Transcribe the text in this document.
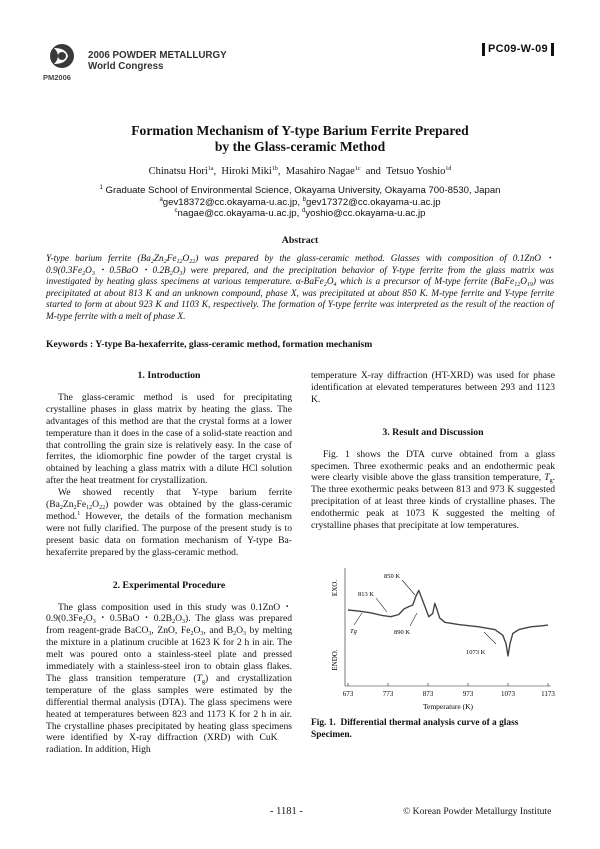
PM2006
2006 POWDER METALLURGY
World Congress
PC09-W-09
Formation Mechanism of Y-type Barium Ferrite Prepared
by the Glass-ceramic Method
Chinatsu Hori$^{1a}$,  Hiroki Miki$^{1b}$,  Masahiro Nagae$^{1c}$  and  Tetsuo Yoshio$^{1d}$
$^1$ Graduate School of Environmental Science, Okayama University, Okayama 700-8530, Japan
$^a$gev18372@cc.okayama-u.ac.jp, $^b$gev17372@cc.okayama-u.ac.jp
$^c$nagae@cc.okayama-u.ac.jp, $^d$yoshio@cc.okayama-u.ac.jp
Abstract
Y-type barium ferrite $(Ba_2Zn_2Fe_{12}O_{22})$ was prepared by the glass-ceramic method. Glasses with composition of 0.1ZnO・$0.9(0.3Fe_2O_3$・0.5BaO・$0.2B_2O_3$) were prepared, and the precipitation behavior of Y-type ferrite from the glass matrix was investigated by heating glass specimens at various temperature. $\alpha-BaFe_2O_4$ which is a precursor of M-type ferrite $(BaFe_{12}O_{19})$ was precipitated at about 813 K and an unknown compound, phase X, was precipitated at about 850 K. M-type ferrite and Y-type ferrite started to form at about 923 K and 1103 K, respectively. The formation of Y-type ferrite was interpreted as the result of the reaction of M-type ferrite with a melt of phase X.
Keywords : Y-type Ba-hexaferrite, glass-ceramic method, formation mechanism
1. Introduction

The glass-ceramic method is used for precipitating crystalline phases in glass matrix by heating the glass. The advantages of this method are that the crystal forms at a lower temperature than it does in the case of a solid-state reaction and that controlling the grain size is relatively easy. In the case of ferrites, the idiomorphic fine powder of the target crystal is obtained by leaching a glass matrix with a dilute HCl solution after the heat treatment for crystallization.

We showed recently that Y-type barium ferrite $(Ba_2Zn_2Fe_{12}O_{22})$ powder was obtained by the glass-ceramic method.$^1$ However, the details of the formation mechanism were not fully clarified. The purpose of the present study is to present basic data on formation mechanism of Y-type Ba-hexaferrite prepared by the glass-ceramic method.

2. Experimental Procedure

The glass composition used in this study was 0.1ZnO・$0.9(0.3Fe_2O_3$・0.5BaO・$0.2B_2O_3$). The glass was prepared from reagent-grade BaCO$_3$, ZnO, $Fe_2O_3$, and $B_2O_3$ by melting the mixture in a platinum crucible at 1623 K for 2 h in air. The melt was poured onto a stainless-steel plate and pressed immediately with a stainless-steel iron to obtain glass flakes. The glass transition temperature $(T_g)$ and crystallization temperature of the glass samples were estimated by the differential thermal analysis (DTA). The glass specimens were heated at temperatures between 823 and 1173 K for 2 h in air. The crystalline phases precipitated by heating glass specimens were identified by X-ray diffraction (XRD) with CuK    radiation. In addition, High

temperature X-ray diffraction (HT-XRD) was used for phase identification at elevated temperatures between 293 and 1123 K.

3. Result and Discussion

Fig. 1 shows the DTA curve obtained from a glass specimen. Three exothermic peaks and an endothermic peak were clearly visible above the glass transition temperature, $T_g$. The three exothermic peaks between 813 and 973 K suggested precipitation of at least three kinds of crystalline phases. The endothermic peak at 1073 K suggested the melting of crystalline phases that precipitate at low temperatures.

EXO.
ENDO.
673	773	873	973	1073	1173
850 K
813 K
890 K
Tg
1073 K
Temperature (K)
Fig. 1. Differential thermal analysis curve of a glass Specimen.
- 1181 -	© Korean Powder Metallurgy Institute
